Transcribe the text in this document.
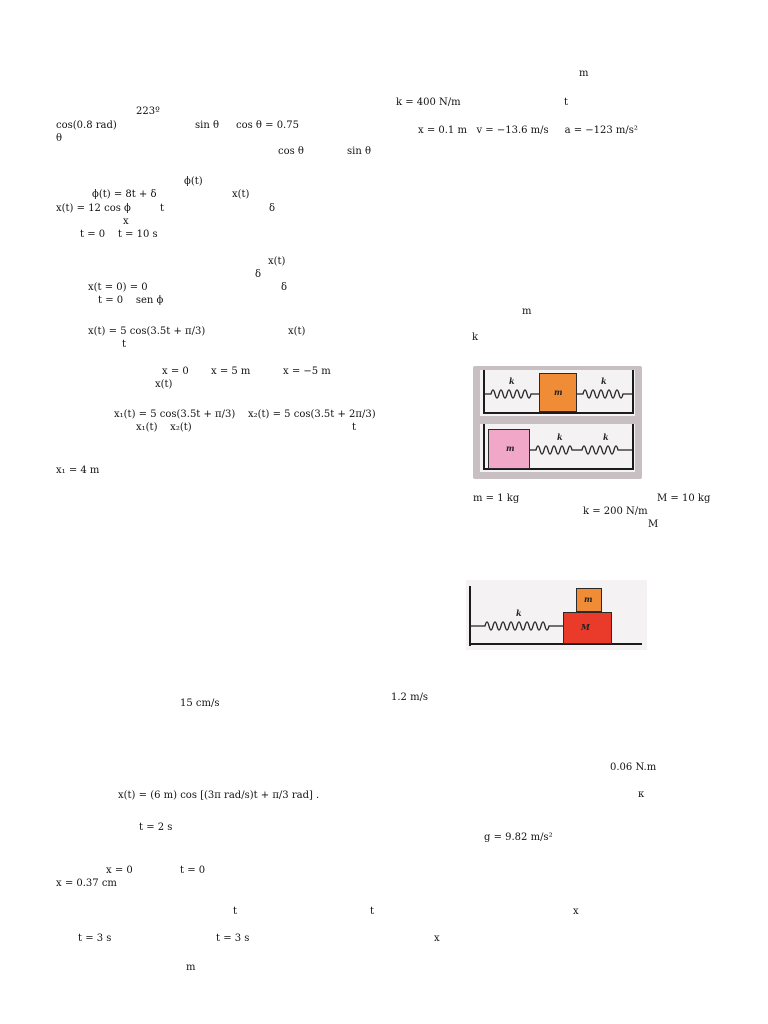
223º
cos(0.8 rad)	sin θ cos θ = 0.75
θ
cos θ	sin θ
ϕ(t)
ϕ(t) = 8t + δ	x(t)
x(t) = 12 cos ϕ	t	δ
x
t = 0    t = 10 s
x(t)
δ
x(t = 0) = 0	δ
t = 0    sen ϕ
x(t) = 5 cos(3.5t + π/3)	x(t)
t
x = 0 x = 5 m	x = −5 m
x(t)
x₁(t) = 5 cos(3.5t + π/3)    x₂(t) = 5 cos(3.5t + 2π/3)
x₁(t)    x₂(t)	t
x₁ = 4 m
15 cm/s
1.2 m/s
x(t) = (6 m) cos [(3π rad/s)t + π/3 rad] .
t = 2 s
x = 0	t = 0
x = 0.37 cm
t	t
t = 3 s	t = 3 s
m
m
k = 400 N/m	t
x = 0.1 m   v = −13.6 m/s     a = −123 m/s²
m
k
k
m
k
m
k	k
m = 1 kg	M = 10 kg
k = 200 N/m
M
k
M
m
0.06 N.m
κ
g = 9.82 m/s²
x
x
